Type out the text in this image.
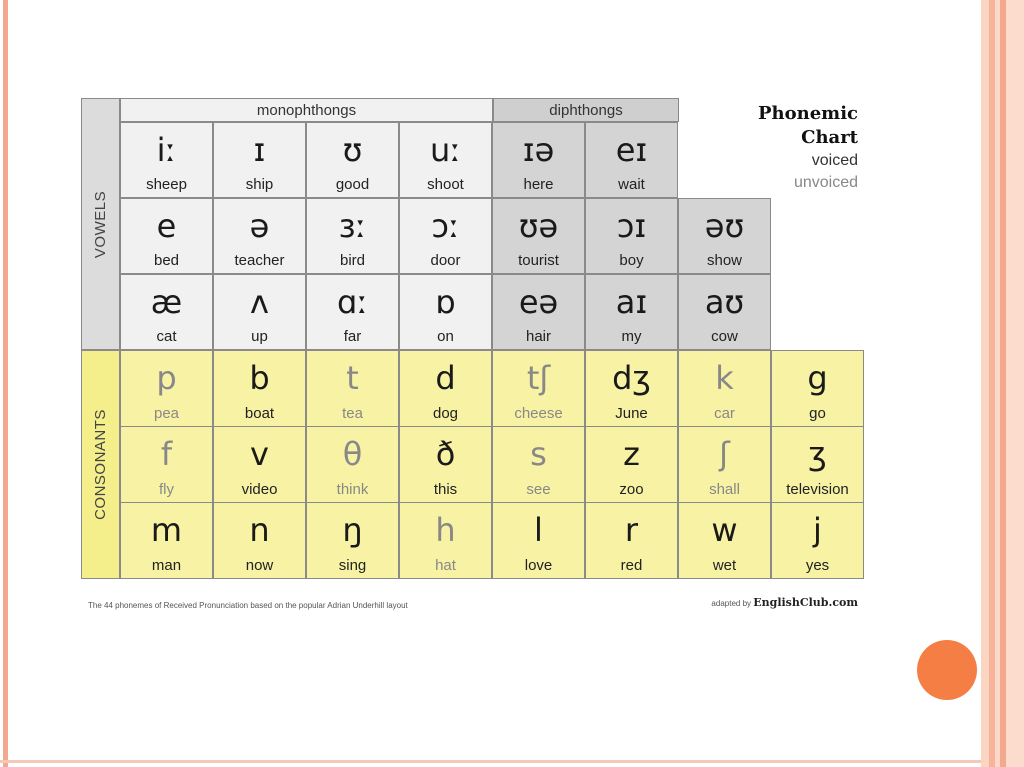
VOWELS
CONSONANTS
monophthongs	diphthongs
iː
sheep
ɪ
ship
ʊ
good
uː
shoot
ɪə
here
eɪ
wait
e
bed
ə
teacher
ɜː
bird
ɔː
door
ʊə
tourist
ɔɪ
boy
əʊ
show
æ
cat
ʌ
up
ɑː
far
ɒ
on
eə
hair
aɪ
my
aʊ
cow
p
pea
b
boat
t
tea
d
dog
tʃ
cheese
dʒ
June
k
car
g
go
f
fly
v
video
θ
think
ð
this
s
see
z
zoo
ʃ
shall
ʒ
television
m
man
n
now
ŋ
sing
h
hat
l
love
r
red
w
wet
j
yes
Phonemic
Chart
voiced
unvoiced
The 44 phonemes of Received Pronunciation based on the popular Adrian Underhill layout	adapted by EnglishClub.com
